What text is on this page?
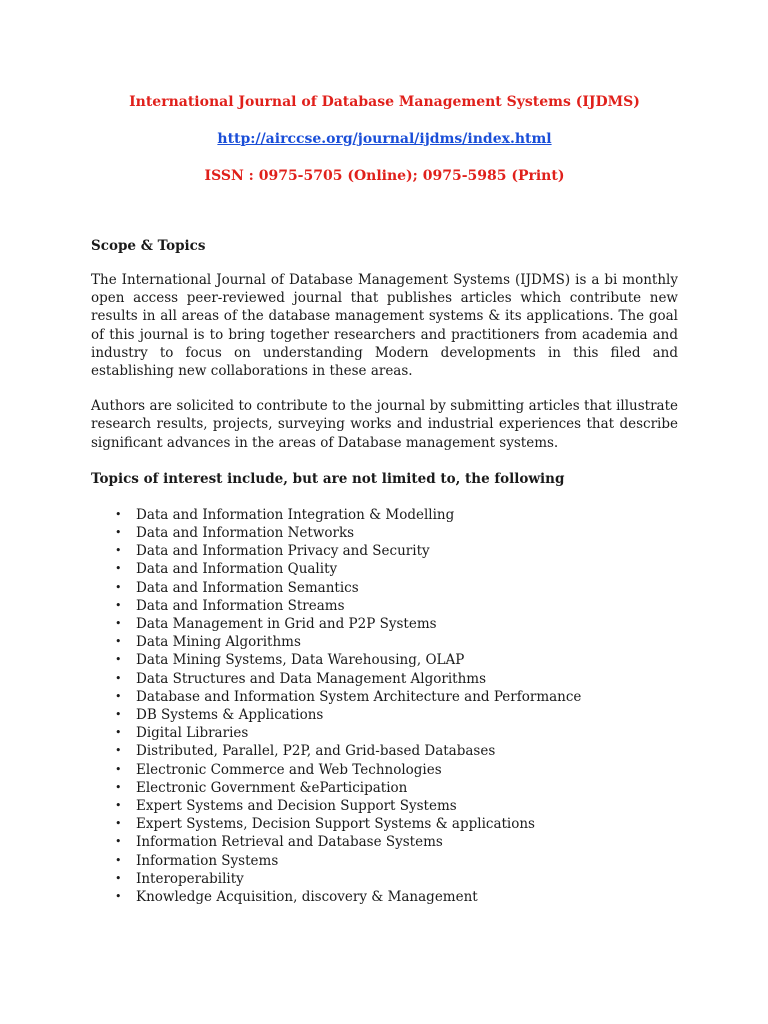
International Journal of Database Management Systems (IJDMS)

http://airccse.org/journal/ijdms/index.html

ISSN : 0975-5705 (Online); 0975-5985 (Print)

Scope & Topics

The International Journal of Database Management Systems (IJDMS) is a bi monthly open access peer-reviewed journal that publishes articles which contribute new results in all areas of the database management systems & its applications. The goal of this journal is to bring together researchers and practitioners from academia and industry to focus on understanding Modern developments in this filed and establishing new collaborations in these areas.

Authors are solicited to contribute to the journal by submitting articles that illustrate research results, projects, surveying works and industrial experiences that describe significant advances in the areas of Database management systems.

Topics of interest include, but are not limited to, the following

• Data and Information Integration & Modelling
• Data and Information Networks
• Data and Information Privacy and Security
• Data and Information Quality
• Data and Information Semantics
• Data and Information Streams
• Data Management in Grid and P2P Systems
• Data Mining Algorithms
• Data Mining Systems, Data Warehousing, OLAP
• Data Structures and Data Management Algorithms
• Database and Information System Architecture and Performance
• DB Systems & Applications
• Digital Libraries
• Distributed, Parallel, P2P, and Grid-based Databases
• Electronic Commerce and Web Technologies
• Electronic Government &eParticipation
• Expert Systems and Decision Support Systems
• Expert Systems, Decision Support Systems & applications
• Information Retrieval and Database Systems
• Information Systems
• Interoperability
• Knowledge Acquisition, discovery & Management
